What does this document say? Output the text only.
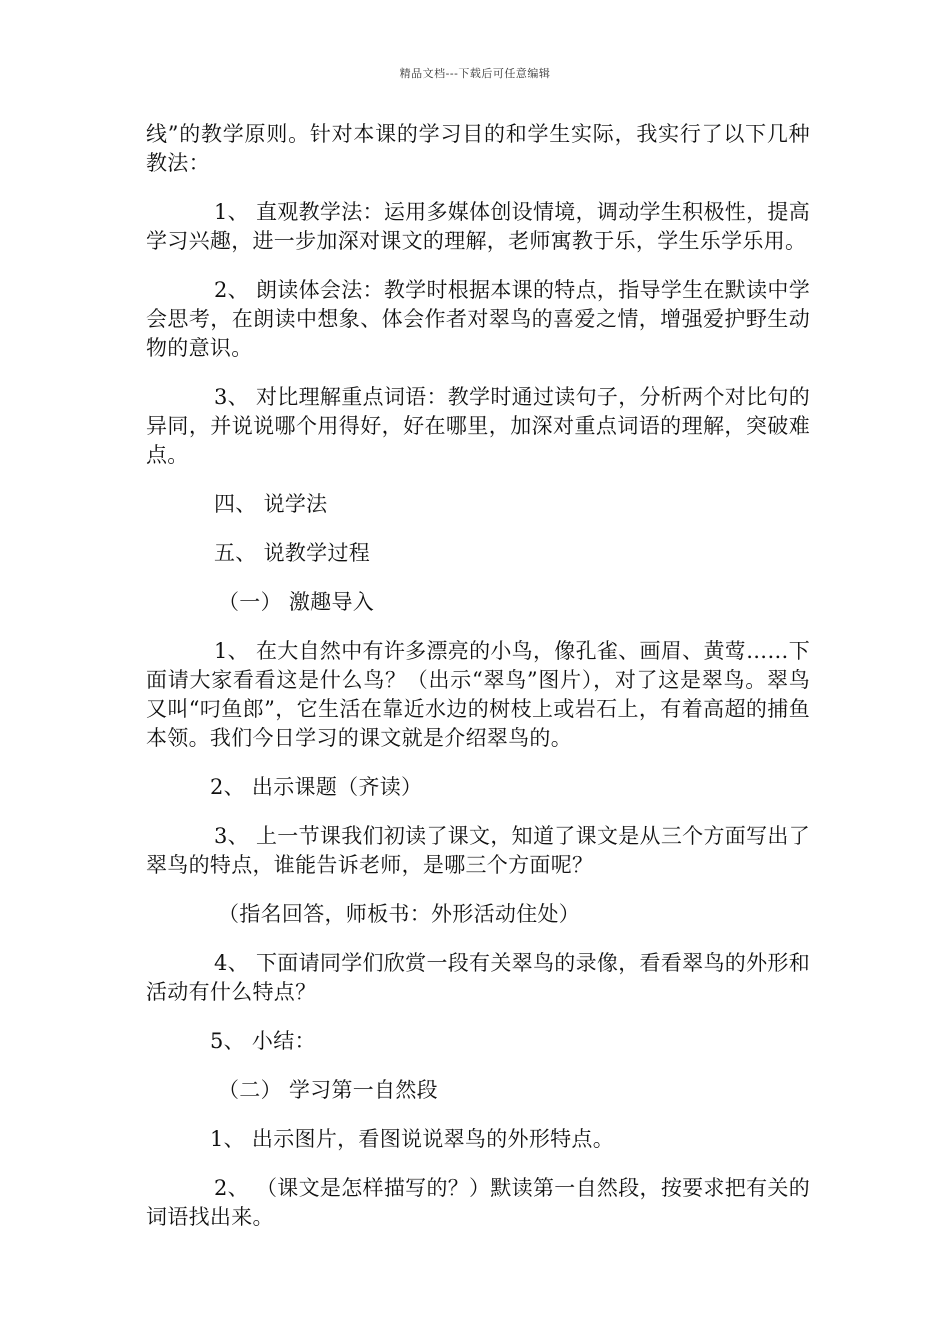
精品文档---下载后可任意编辑

线”的教学原则。针对本课的学习目的和学生实际，我实行了以下几种教法：

1、 直观教学法：运用多媒体创设情境，调动学生积极性，提高学习兴趣，进一步加深对课文的理解，老师寓教于乐，学生乐学乐用。

2、 朗读体会法：教学时根据本课的特点，指导学生在默读中学会思考，在朗读中想象、体会作者对翠鸟的喜爱之情，增强爱护野生动物的意识。

3、 对比理解重点词语：教学时通过读句子，分析两个对比句的异同，并说说哪个用得好，好在哪里，加深对重点词语的理解，突破难点。

四、 说学法

五、 说教学过程

（一） 激趣导入

1、 在大自然中有许多漂亮的小鸟，像孔雀、画眉、黄莺……下面请大家看看这是什么鸟？（出示“翠鸟”图片），对了这是翠鸟。翠鸟又叫“叼鱼郎”，它生活在靠近水边的树枝上或岩石上，有着高超的捕鱼本领。我们今日学习的课文就是介绍翠鸟的。

2、 出示课题（齐读）

3、 上一节课我们初读了课文，知道了课文是从三个方面写出了翠鸟的特点，谁能告诉老师，是哪三个方面呢？

（指名回答，师板书：外形活动住处）

4、 下面请同学们欣赏一段有关翠鸟的录像，看看翠鸟的外形和活动有什么特点？

5、 小结：

（二） 学习第一自然段

1、 出示图片，看图说说翠鸟的外形特点。

2、 （课文是怎样描写的？）默读第一自然段，按要求把有关的词语找出来。
